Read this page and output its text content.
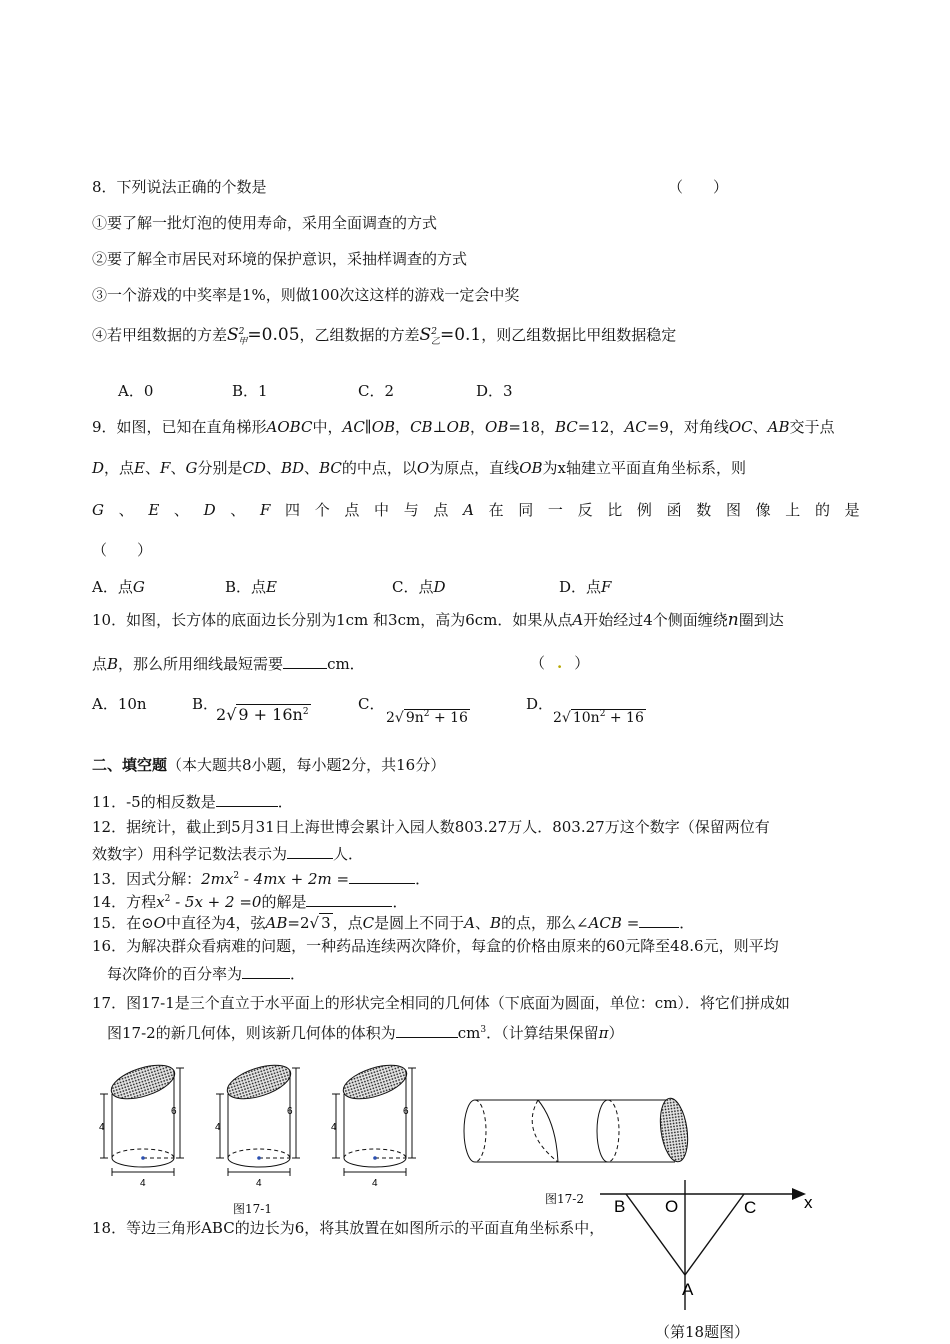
8．下列说法正确的个数是	（　　）
①要了解一批灯泡的使用寿命，采用全面调查的方式
②要了解全市居民对环境的保护意识，采抽样调查的方式
③一个游戏的中奖率是1%，则做100次这这样的游戏一定会中奖
④若甲组数据的方差$S^2_甲=0.05$，乙组数据的方差$S^2_乙=0.1$，则乙组数据比甲组数据稳定
A．0	B．1	C．2	D．3
9．如图，已知在直角梯形AOBC中，AC∥OB，CB⊥OB，OB=18，BC=12，AC=9，对角线OC、AB交于点
D，点E、F、G分别是CD、BD、BC的中点，以O为原点，直线OB为x轴建立平面直角坐标系，则
G 、 E 、 D 、 F 四 个 点 中 与 点 A 在 同 一 反 比 例 函 数 图 像 上 的 是
（　　）
A．点G	B．点E	C．点D	D．点F
10．如图，长方体的底面边长分别为1cm 和3cm，高为6cm．如果从点A开始经过4个侧面缠绕n圈到达
点B，那么所用细线最短需要	cm．	（ . ）
A．10n	B．
2√ $9 + 16n^2$	C．
2√ $9n^2 + 16$
D．
2√ $10n^2 + 16$
二、填空题（本大题共8小题，每小题2分，共16分）
11．-5的相反数是	．
12．据统计，截止到5月31日上海世博会累计入园人数803.27万人．803.27万这个数字（保留两位有
效数字）用科学记数法表示为	人．
13．因式分解：$2mx^2 - 4mx + 2m$ =	．
14．方程$x^2 - 5x + 2 =0$的解是	．
15．在⊙O中直径为4，弦AB=2√ 3 ，点C是圆上不同于A、B的点，那么∠ACB =	．
16．为解决群众看病难的问题，一种药品连续两次降价，每盒的价格由原来的60元降至48.6元，则平均
每次降价的百分率为	．
17．图17-1是三个直立于水平面上的形状完全相同的几何体（下底面为圆面，单位：cm）．将它们拼成如
图17-2的新几何体，则该新几何体的体积为	$cm^3$．（计算结果保留π）
4
6
4
4
6
4
4
6
4
图17-1
图17-2
18．等边三角形ABC的边长为6，将其放置在如图所示的平面直角坐标系中，
B O	C
A
x
（第18题图）
